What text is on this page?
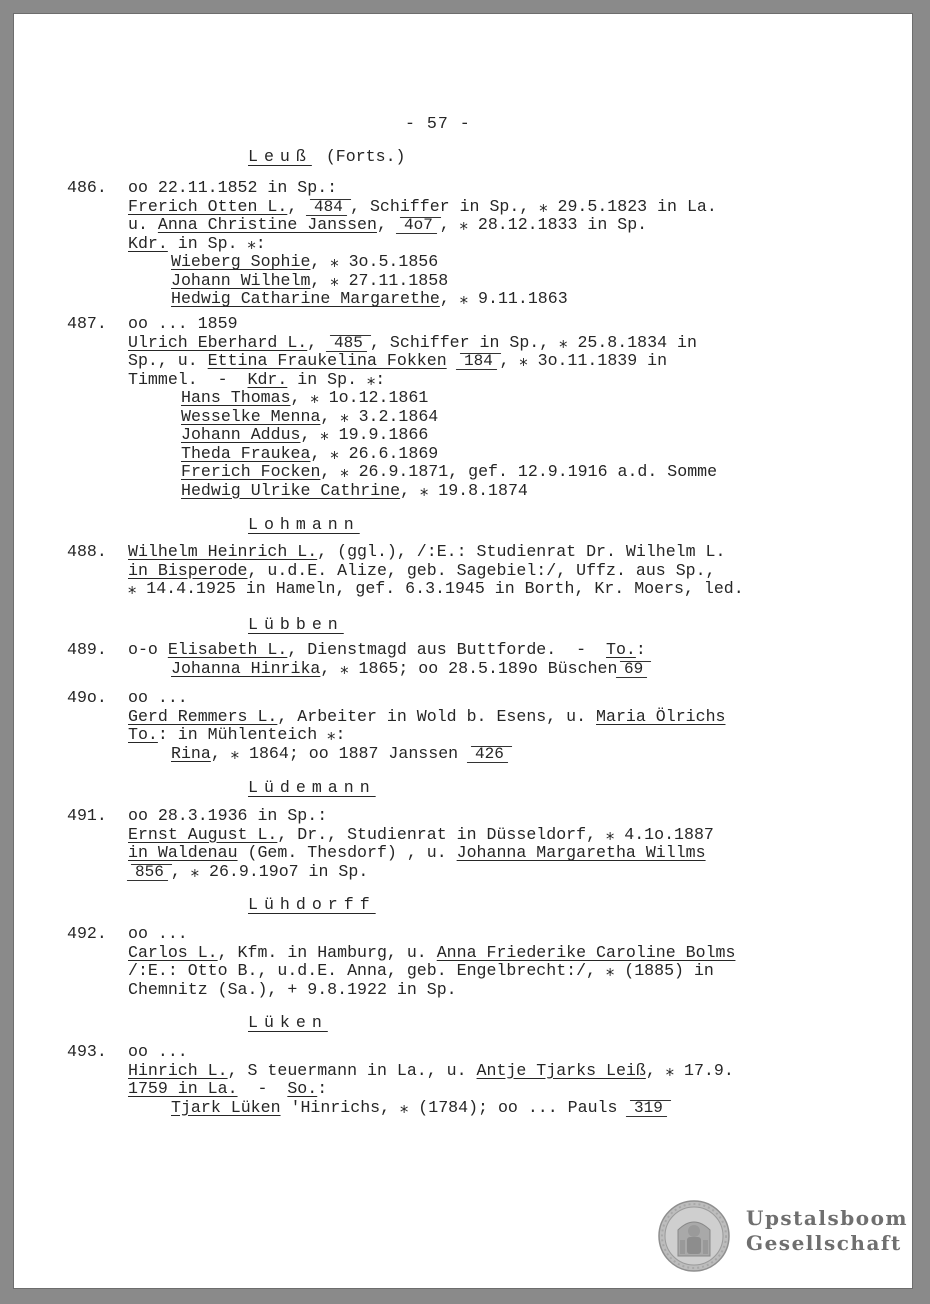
- 57 -
Leuß (Forts.)
486. oo 22.11.1852 in Sp.:
Frerich Otten L., 484 , Schiffer in Sp., ⁎ 29.5.1823 in La.
u. Anna Christine Janssen, 4o7 , ⁎ 28.12.1833 in Sp.
Kdr. in Sp. ⁎:
Wieberg Sophie, ⁎ 3o.5.1856
Johann Wilhelm, ⁎ 27.11.1858
Hedwig Catharine Margarethe, ⁎ 9.11.1863
487. oo ... 1859
Ulrich Eberhard L., 485 , Schiffer in Sp., ⁎ 25.8.1834 in
Sp., u. Ettina Fraukelina Fokken 184 , ⁎ 3o.11.1839 in
Timmel.  -  Kdr. in Sp. ⁎:
Hans Thomas, ⁎ 1o.12.1861
Wesselke Menna, ⁎ 3.2.1864
Johann Addus, ⁎ 19.9.1866
Theda Fraukea, ⁎ 26.6.1869
Frerich Focken, ⁎ 26.9.1871, gef. 12.9.1916 a.d. Somme
Hedwig Ulrike Cathrine, ⁎ 19.8.1874
Lohmann
488. Wilhelm Heinrich L., (ggl.), /:E.: Studienrat Dr. Wilhelm L.
in Bisperode, u.d.E. Alize, geb. Sagebiel:/, Uffz. aus Sp.,
⁎ 14.4.1925 in Hameln, gef. 6.3.1945 in Borth, Kr. Moers, led.
Lübben
489. o-o Elisabeth L., Dienstmagd aus Buttforde.  -  To.:
Johanna Hinrika, ⁎ 1865; oo 28.5.189o Büschen 69
49o. oo ...
Gerd Remmers L., Arbeiter in Wold b. Esens, u. Maria Ölrichs
To.: in Mühlenteich ⁎:
Rina, ⁎ 1864; oo 1887 Janssen 426
Lüdemann
491. oo 28.3.1936 in Sp.:
Ernst August L., Dr., Studienrat in Düsseldorf, ⁎ 4.1o.1887
in Waldenau (Gem. Thesdorf) , u. Johanna Margaretha Willms
856 , ⁎ 26.9.19o7 in Sp.
Lühdorff
492. oo ...
Carlos L., Kfm. in Hamburg, u. Anna Friederike Caroline Bolms
/:E.: Otto B., u.d.E. Anna, geb. Engelbrecht:/, ⁎ (1885) in
Chemnitz (Sa.), + 9.8.1922 in Sp.
Lüken
493. oo ...
Hinrich L., S teuermann in La., u. Antje Tjarks Leiß, ⁎ 17.9.
1759 in La.  -  So.:
Tjark Lüken 'Hinrichs, ⁎ (1784); oo ... Pauls 319
Upstalsboom
Gesellschaft
